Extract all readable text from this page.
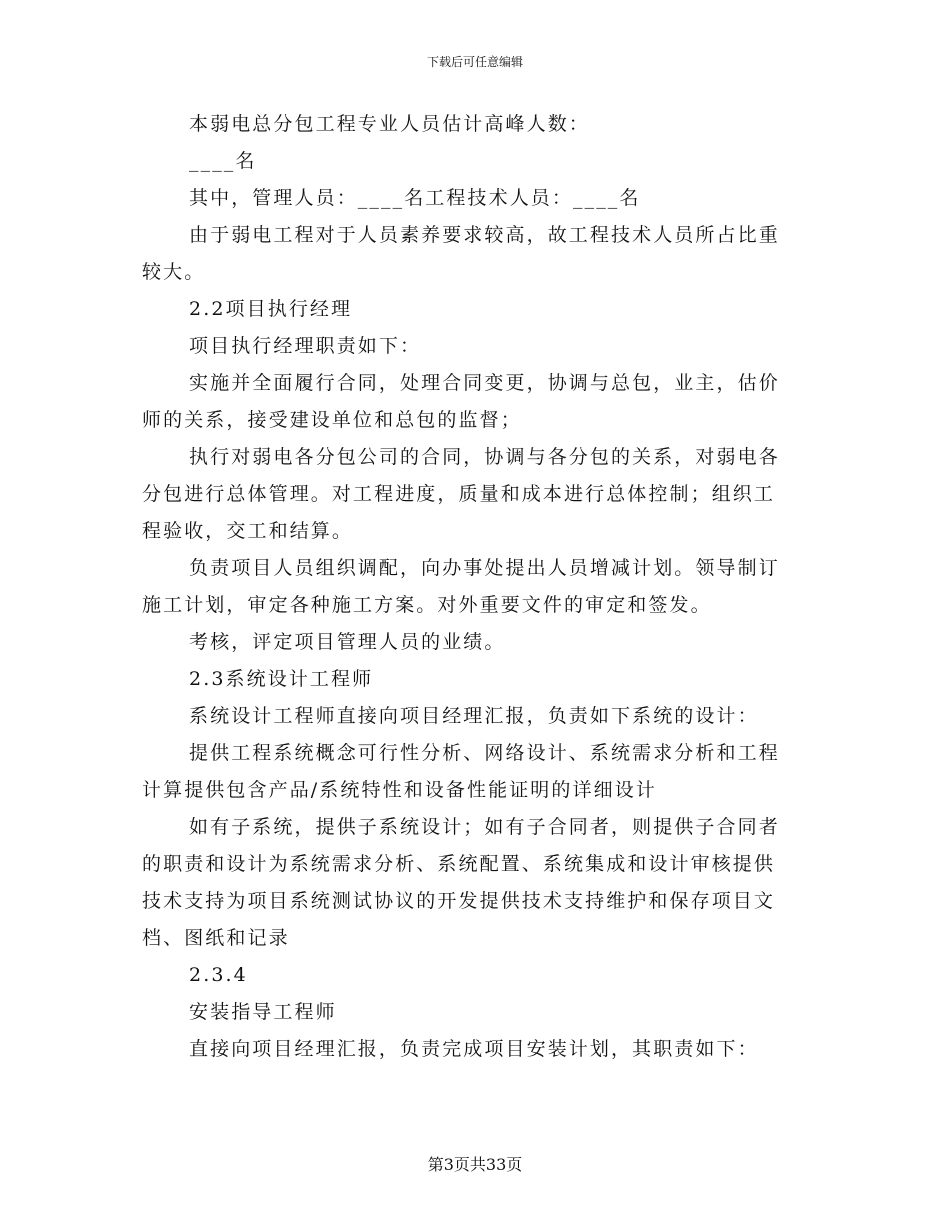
下载后可任意编辑
本弱电总分包工程专业人员估计高峰人数：
____名
其中，管理人员：____名工程技术人员：____名
由于弱电工程对于人员素养要求较高，故工程技术人员所占比重
较大。
2.2项目执行经理
项目执行经理职责如下：
实施并全面履行合同，处理合同变更，协调与总包，业主，估价
师的关系，接受建设单位和总包的监督；
执行对弱电各分包公司的合同，协调与各分包的关系，对弱电各
分包进行总体管理。对工程进度，质量和成本进行总体控制；组织工
程验收，交工和结算。
负责项目人员组织调配，向办事处提出人员增减计划。领导制订
施工计划，审定各种施工方案。对外重要文件的审定和签发。
考核，评定项目管理人员的业绩。
2.3系统设计工程师
系统设计工程师直接向项目经理汇报，负责如下系统的设计：
提供工程系统概念可行性分析、网络设计、系统需求分析和工程
计算提供包含产品/系统特性和设备性能证明的详细设计
如有子系统，提供子系统设计；如有子合同者，则提供子合同者
的职责和设计为系统需求分析、系统配置、系统集成和设计审核提供
技术支持为项目系统测试协议的开发提供技术支持维护和保存项目文
档、图纸和记录
2.3.4
安装指导工程师
直接向项目经理汇报，负责完成项目安装计划，其职责如下：
第3页共33页
